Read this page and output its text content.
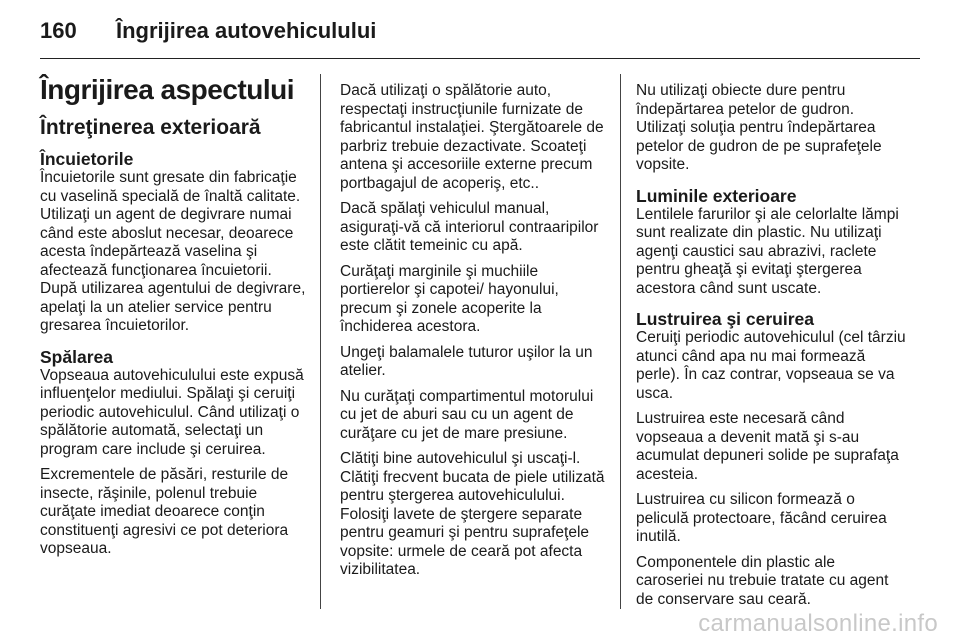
160 Îngrijirea autovehiculului
Îngrijirea aspectului
Întreţinerea exterioară
Încuietorile

Încuietorile sunt gresate din fabricaţie cu vaselină specială de înaltă calitate. Utilizaţi un agent de degivrare numai când este aboslut necesar, deoarece acesta îndepărtează vaselina şi afectează funcţionarea încuietorii. După utilizarea agentului de degivrare, apelaţi la un atelier service pentru gresarea încuietorilor.

Spălarea

Vopseaua autovehiculului este expusă influenţelor mediului. Spălaţi şi ceruiţi periodic autovehiculul. Când utilizaţi o spălătorie automată, selectaţi un program care include şi ceruirea.

Excrementele de păsări, resturile de insecte, răşinile, polenul trebuie curăţate imediat deoarece conţin constituenţi agresivi ce pot deteriora vopseaua.

Dacă utilizaţi o spălătorie auto, respectaţi instrucţiunile furnizate de fabricantul instalaţiei. Ştergătoarele de parbriz trebuie dezactivate. Scoateţi antena şi accesoriile externe precum portbagajul de acoperiş, etc..

Dacă spălaţi vehiculul manual, asiguraţi-vă că interiorul contraaripilor este clătit temeinic cu apă.

Curăţaţi marginile şi muchiile portierelor şi capotei/ hayonului, precum şi zonele acoperite la închiderea acestora.

Ungeţi balamalele tuturor uşilor la un atelier.

Nu curăţaţi compartimentul motorului cu jet de aburi sau cu un agent de curăţare cu jet de mare presiune.

Clătiţi bine autovehiculul şi uscaţi-l. Clătiţi frecvent bucata de piele utilizată pentru ştergerea autovehiculului. Folosiţi lavete de ştergere separate pentru geamuri şi pentru suprafeţele vopsite: urmele de ceară pot afecta vizibilitatea.

Nu utilizaţi obiecte dure pentru îndepărtarea petelor de gudron. Utilizaţi soluţia pentru îndepărtarea petelor de gudron de pe suprafeţele vopsite.

Luminile exterioare

Lentilele farurilor şi ale celorlalte lămpi sunt realizate din plastic. Nu utilizaţi agenţi caustici sau abrazivi, raclete pentru gheaţă şi evitaţi ştergerea acestora când sunt uscate.

Lustruirea şi ceruirea

Ceruiţi periodic autovehiculul (cel târziu atunci când apa nu mai formează perle). În caz contrar, vopseaua se va usca.

Lustruirea este necesară când vopseaua a devenit mată şi s-au acumulat depuneri solide pe suprafaţa acesteia.

Lustruirea cu silicon formează o peliculă protectoare, făcând ceruirea inutilă.

Componentele din plastic ale caroseriei nu trebuie tratate cu agent de conservare sau ceară.

carmanualsonline.info
